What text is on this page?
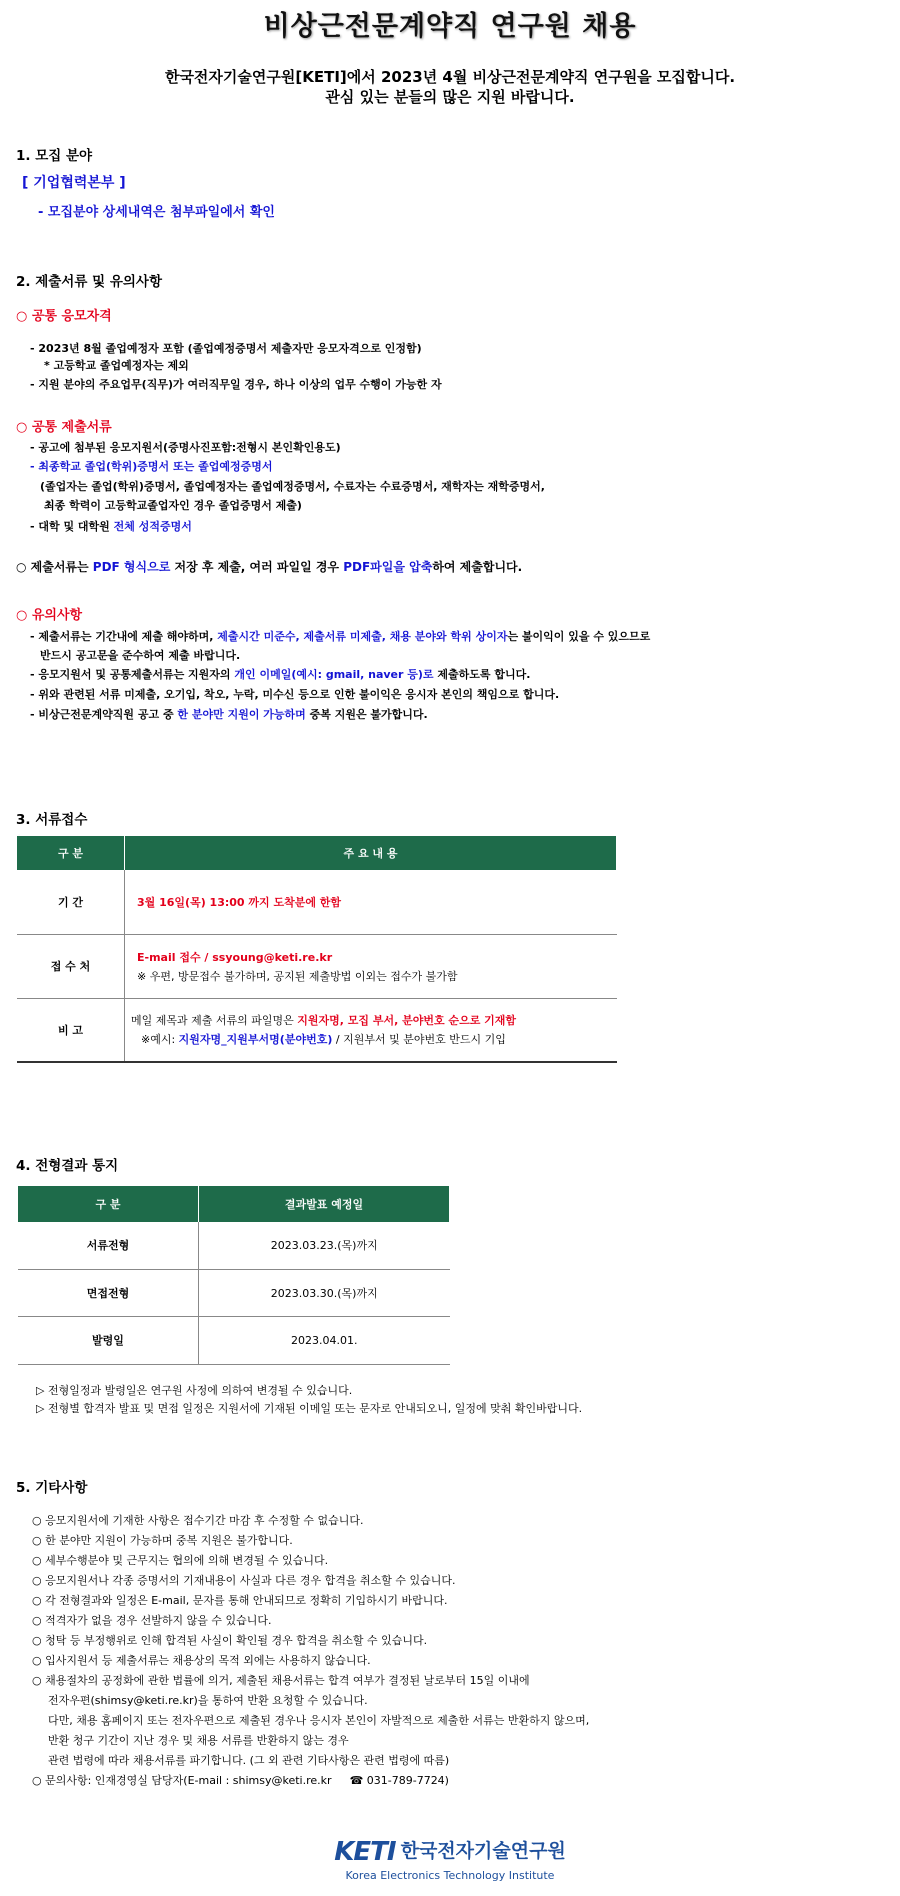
비상근전문계약직 연구원 채용
한국전자기술연구원[KETI]에서 2023년 4월 비상근전문계약직 연구원을 모집합니다.
관심 있는 분들의 많은 지원 바랍니다.
1. 모집 분야
[ 기업협력본부 ]
- 모집분야 상세내역은 첨부파일에서 확인
2. 제출서류 및 유의사항
○ 공통 응모자격
- 2023년 8월 졸업예정자 포함 (졸업예정증명서 제출자만 응모자격으로 인정함)
* 고등학교 졸업예정자는 제외
- 지원 분야의 주요업무(직무)가 여러직무일 경우, 하나 이상의 업무 수행이 가능한 자
○ 공통 제출서류
- 공고에 첨부된 응모지원서(증명사진포함:전형시 본인확인용도)
- 최종학교 졸업(학위)증명서 또는 졸업예정증명서
(졸업자는 졸업(학위)증명서, 졸업예정자는 졸업예정증명서, 수료자는 수료증명서, 재학자는 재학증명서,
최종 학력이 고등학교졸업자인 경우 졸업증명서 제출)
- 대학 및 대학원 전체 성적증명서
○ 제출서류는 PDF 형식으로 저장 후 제출, 여러 파일일 경우 PDF파일을 압축하여 제출합니다.
○ 유의사항
- 제출서류는 기간내에 제출 해야하며, 제출시간 미준수, 제출서류 미제출, 채용 분야와 학위 상이자는 불이익이 있을 수 있으므로
반드시 공고문을 준수하여 제출 바랍니다.
- 응모지원서 및 공통제출서류는 지원자의 개인 이메일(예시: gmail, naver 등)로 제출하도록 합니다.
- 위와 관련된 서류 미제출, 오기입, 착오, 누락, 미수신 등으로 인한 불이익은 응시자 본인의 책임으로 합니다.
- 비상근전문계약직원 공고 중 한 분야만 지원이 가능하며 중복 지원은 불가합니다.
3. 서류접수
구 분	주 요 내 용
기 간	3월 16일(목) 13:00 까지 도착분에 한함
접 수 처	E-mail 접수 / ssyoung@keti.re.kr
※ 우편, 방문접수 불가하며, 공지된 제출방법 이외는 접수가 불가함

비 고	메일 제목과 제출 서류의 파일명은 지원자명, 모집 부서, 분야번호 순으로 기재함
※예시: 지원자명_지원부서명(분야번호) / 지원부서 및 분야번호 반드시 기입
4. 전형결과 통지
구 분	결과발표 예정일
서류전형	2023.03.23.(목)까지
면접전형	2023.03.30.(목)까지
발령일	2023.04.01.
▷ 전형일정과 발령일은 연구원 사정에 의하여 변경될 수 있습니다.
▷ 전형별 합격자 발표 및 면접 일정은 지원서에 기재된 이메일 또는 문자로 안내되오니, 일정에 맞춰 확인바랍니다.
5. 기타사항
○ 응모지원서에 기재한 사항은 접수기간 마감 후 수정할 수 없습니다.
○ 한 분야만 지원이 가능하며 중복 지원은 불가합니다.
○ 세부수행분야 및 근무지는 협의에 의해 변경될 수 있습니다.
○ 응모지원서나 각종 증명서의 기재내용이 사실과 다른 경우 합격을 취소할 수 있습니다.
○ 각 전형결과와 일정은 E-mail, 문자를 통해 안내되므로 정확히 기입하시기 바랍니다.
○ 적격자가 없을 경우 선발하지 않을 수 있습니다.
○ 청탁 등 부정행위로 인해 합격된 사실이 확인될 경우 합격을 취소할 수 있습니다.
○ 입사지원서 등 제출서류는 채용상의 목적 외에는 사용하지 않습니다.
○ 채용절차의 공정화에 관한 법률에 의거, 제출된 채용서류는 합격 여부가 결정된 날로부터 15일 이내에
전자우편(shimsy@keti.re.kr)을 통하여 반환 요청할 수 있습니다.
다만, 채용 홈페이지 또는 전자우편으로 제출된 경우나 응시자 본인이 자발적으로 제출한 서류는 반환하지 않으며,
반환 청구 기간이 지난 경우 및 채용 서류를 반환하지 않는 경우
관련 법령에 따라 채용서류를 파기합니다. (그 외 관련 기타사항은 관련 법령에 따름)
○ 문의사항: 인재경영실 담당자(E-mail : shimsy@keti.re.kr ☎ 031-789-7724)
KETI 한국전자기술연구원
Korea Electronics Technology Institute
